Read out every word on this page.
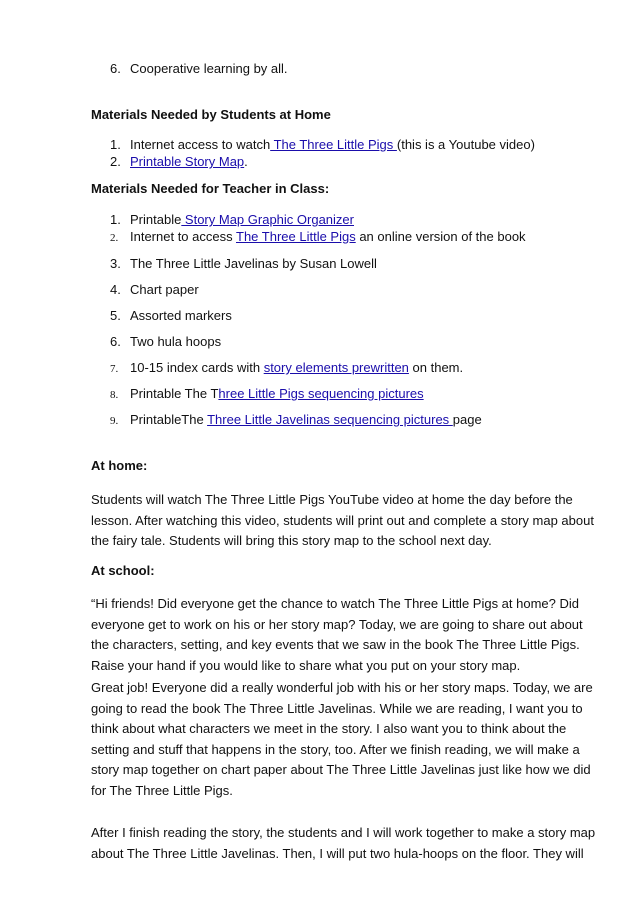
6. Cooperative learning by all.
Materials Needed by Students at Home
1. Internet access to watch The Three Little Pigs (this is a Youtube video)
2. Printable Story Map.
Materials Needed for Teacher in Class:
1. Printable Story Map Graphic Organizer
2. Internet to access The Three Little Pigs an online version of the book
3. The Three Little Javelinas by Susan Lowell
4. Chart paper
5. Assorted markers
6. Two hula hoops
7. 10-15 index cards with story elements prewritten on them.
8. Printable The Three Little Pigs sequencing pictures
9. PrintableThe Three Little Javelinas sequencing pictures page
At home:
Students will watch The Three Little Pigs YouTube video at home the day before the
lesson. After watching this video, students will print out and complete a story map about
the fairy tale. Students will bring this story map to the school next day.
At school:
“Hi friends! Did everyone get the chance to watch The Three Little Pigs at home? Did
everyone get to work on his or her story map? Today, we are going to share out about
the characters, setting, and key events that we saw in the book The Three Little Pigs.
Raise your hand if you would like to share what you put on your story map.
Great job! Everyone did a really wonderful job with his or her story maps. Today, we are
going to read the book The Three Little Javelinas. While we are reading, I want you to
think about what characters we meet in the story. I also want you to think about the
setting and stuff that happens in the story, too. After we finish reading, we will make a
story map together on chart paper about The Three Little Javelinas just like how we did
for The Three Little Pigs.
After I finish reading the story, the students and I will work together to make a story map
about The Three Little Javelinas. Then, I will put two hula-hoops on the floor. They will
